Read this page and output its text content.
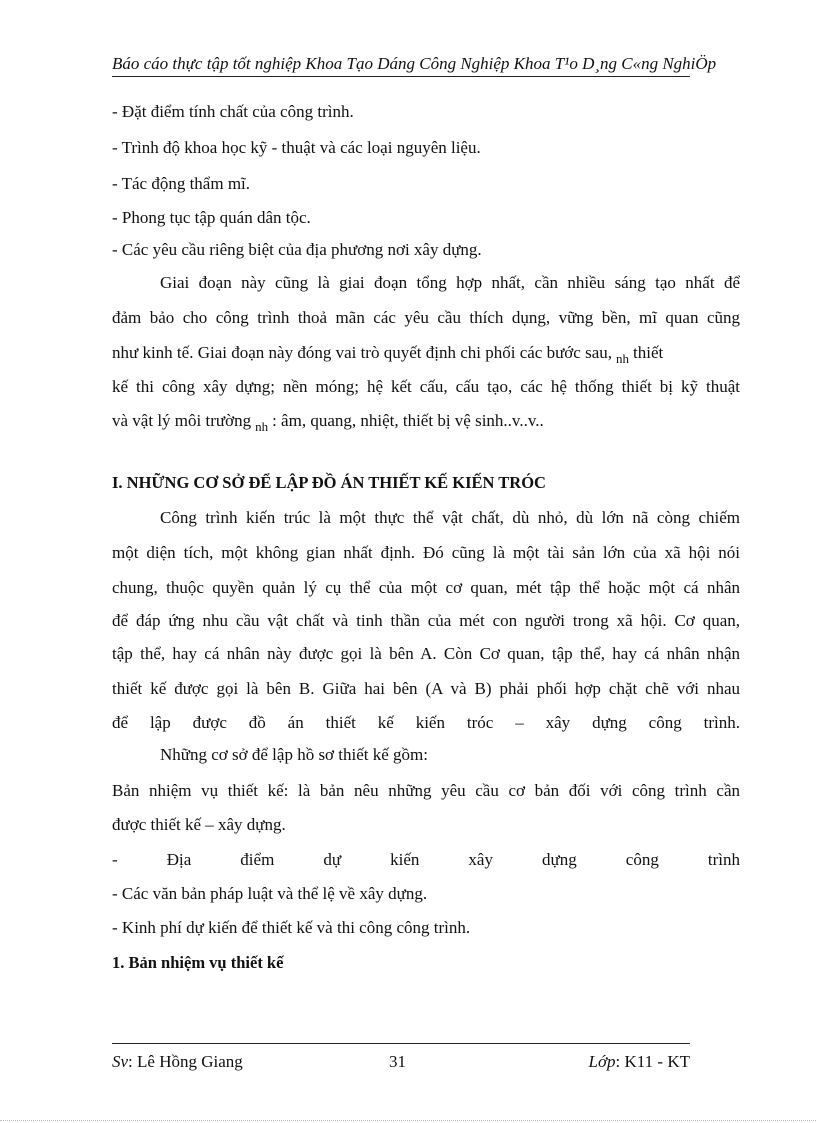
Báo cáo thực tập tốt nghiệp Khoa Tạo Dáng Công Nghiệp Khoa T¹o D¸ng C«ng NghiÖp
- Đặt điểm tính chất của công trình.
- Trình độ khoa học kỹ - thuật và các loại nguyên liệu.
- Tác động thẩm mĩ.
- Phong tục tập quán dân tộc.
- Các yêu cầu riêng biệt của địa phương nơi xây dựng.
Giai đoạn này cũng là giai đoạn tổng hợp nhất, cần nhiều sáng tạo nhất để
đảm bảo cho công trình thoả mãn các yêu cầu thích dụng, vững bền, mĩ quan cũng
như kinh tế. Giai đoạn này đóng vai trò quyết định chi phối các bước sau, $_{nh}$ thiết
kế thi công xây dựng; nền móng; hệ kết cấu, cấu tạo, các hệ thống thiết bị kỹ thuật
và vật lý môi trường $_{nh}$ : âm, quang, nhiệt, thiết bị vệ sinh..v..v..
I. NHỮNG CƠ SỞ ĐỂ LẬP ĐỒ ÁN THIẾT KẾ KIẾN TRÓC
Công trình kiến trúc là một thực thể vật chất, dù nhỏ, dù lớn nã còng chiếm
một diện tích, một không gian nhất định. Đó cũng là một tài sản lớn của xã hội nói
chung, thuộc quyền quản lý cụ thể của một cơ quan, mét tập thể hoặc một cá nhân
để đáp ứng nhu cầu vật chất và tinh thần của mét con người trong xã hội. Cơ quan,
tập thể, hay cá nhân này được gọi là bên A. Còn Cơ quan, tập thể, hay cá nhân nhận
thiết kế được gọi là bên B. Giữa hai bên (A và B) phải phối hợp chặt chẽ với nhau
để lập được đồ án thiết kế kiến tróc – xây dựng công trình.
Những cơ sở để lập hồ sơ thiết kế gồm:
Bản nhiệm vụ thiết kế: là bản nêu những yêu cầu cơ bản đối với công trình cần
được thiết kế – xây dựng.
- Địa điểm dự kiến xây dựng công trình
- Các văn bản pháp luật và thể lệ về xây dựng.
- Kinh phí dự kiến để thiết kế và thi công công trình.
1. Bản nhiệm vụ thiết kế
Sv: Lê Hồng Giang	31	Lớp: K11 - KT
